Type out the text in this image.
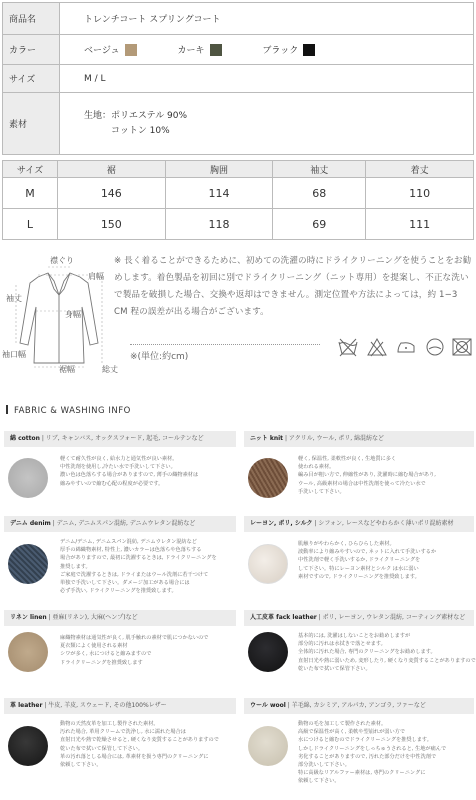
商品名	トレンチコート スプリングコート
カラー	ベージュ カーキ ブラック
サイズ	M / L
素材	生地：ポリエステル 90%
コットン 10%
サイズ	裾	胸囲	袖丈	着丈
M	146	114	68	110
L	150	118	69	111
襟ぐり
肩幅
袖丈
身幅
袖口幅
裾幅	総丈
※ 長く着ることができるために、初めての洗濯の時にドライクリーニングを使うことをお勧めします。着色製品を初回に別でドライクリーニング（ニット専用）を提案し、不正な洗いで製品を破損した場合、交換や返却はできません。測定位置や方法によっては，約 1−3 CM 程の誤差が出る場合がございます。
※(単位:約cm)
FABRIC & WASHING INFO
綿 cotton | リブ, キャンバス, オックスフォード, 起毛, コールテンなど
軽くて耐久性が良く, 給水力と通気性が良い素材。
中性洗剤を使用し,冷たい水で手洗いして下さい。
濃い色は色落ちする場合がありますので, 薄手の織物素材は
縮みやすいので縮む心配の程度が必要です。
ニット knit | アクリル, ウール, ポリ, 綿混紡など
軽く, 保温性, 柔軟性が良く, 生地質に多く
使われる素材。
編み目が粗い方で, 伸縮性があり, 洗濯時に縮む場合があり,
ウール, 高級素材の場合は中性洗剤を使って冷たい水で
手洗いして下さい。
デニム denim | デニム, デニムスパン混紡, デニムウレタン混紡など
デニム/デニム, デニムスパン混紡, デニムウレタン混紡など
厚手の綿織物素材, 特性上, 濃いカラーは色落ちや色落ちする
場合がありますので, 最初に洗濯するときは, ドライクリーニングを
推奨します。
ご家庭で洗濯するときは, ドライまたはウール洗剤に若干つけて
単独で手洗いして下さい。ダメージ加工がある場合には
必ず手洗い, ドライクリーニングを推奨致します。
レーヨン, ポリ, シルク | シフォン, レースなどやわらかく薄いポリ混紡素材
肌触りがやわらかく, ひらひらした素材。
波動率により縮みやすいので, ネットに入れて手洗いするか
中性洗剤で軽く手洗いするか, ドライクリーニングを
して下さい。特にレーヨン素材とシルク は水に弱い
素材ですので, ドライクリーニングを推奨致します。
リネン linen | 亜麻(リネン), 大麻(ヘンプ)など
麻織物素材は通気性が良く, 肌手触れの素材で肌につかないので
夏衣類によく使用される素材
シワが多く, 水につけると縮みますので
ドライクリーニングを推奨致します
人工皮革 fack leather | ポリ, レーヨン, ウレタン混紡, コーティング素材など
基本的には, 洗濯はしないことをお勧めしますが
部分的に汚れは水拭きで落とせます。
全体的に汚れた場合, 専門のクリーニングをお勧めします。
直射日光や熱に弱いため, 変形したり, 硬くなり変質することがありますので
乾いた布で拭いて保管下さい。
革 leather | 牛皮, 羊皮, スウェード, その他100%レザー
動物の天然皮革を加工し製作された素材。
汚れた場合, 革用クリームで洗浄し, 水に濡れた場合は
直射日光や熱で乾燥させると, 硬くなり変質することがありますので
乾いた布で拭いて保管して下さい。
革の汚れ落としる場合には, 革素材を扱う専門のクリーニングに
依頼して下さい。
ウール wool | 羊毛綿, カシミア, アルパカ, アンゴラ, ファーなど
動物の毛を加工して製作された素材。
高級で保温性が高く, 柔軟や型崩れが弱い方で
水につけると縮むのでドライクリーニングを推奨します。
しかしドライクリーニングをしっちゅうされると, 生地が痛んで
劣化することがありますので, 汚れた部分だけを中性洗剤で
部分洗いして下さい。
特に高級なリアルファー素材は, 専門のクリーニングに
依頼して下さい。
